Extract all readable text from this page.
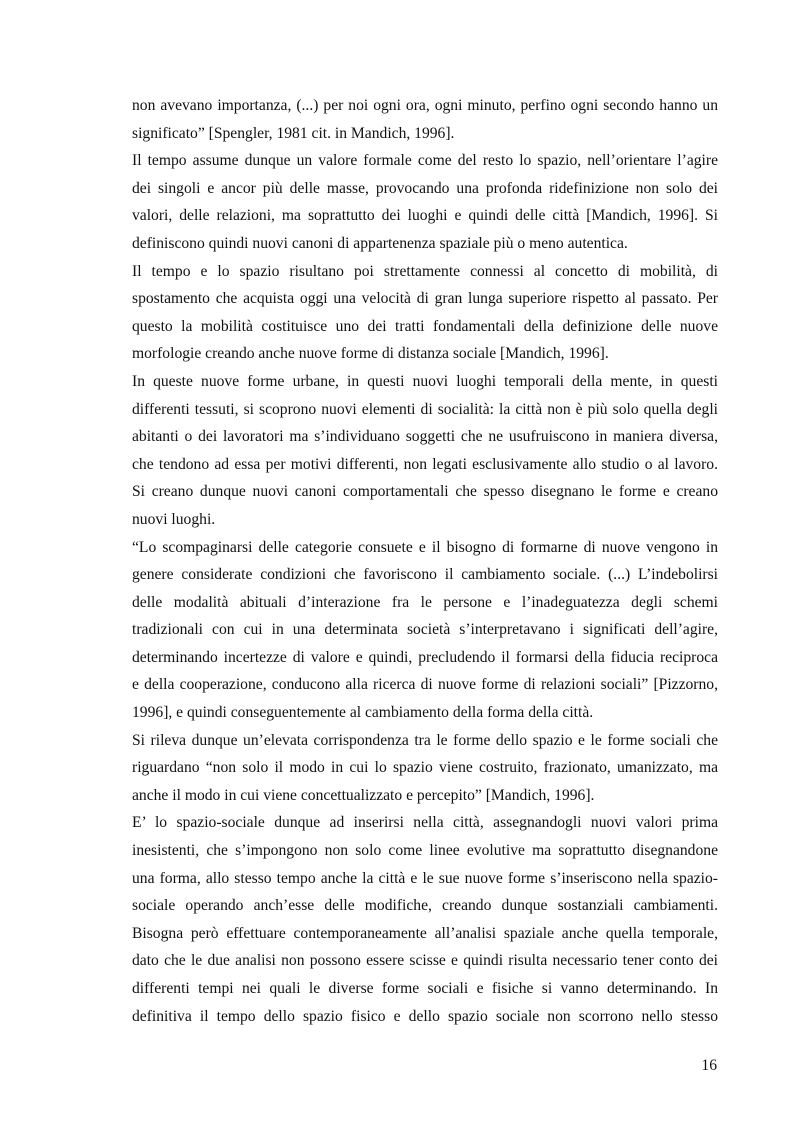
non avevano importanza, (...) per noi ogni ora, ogni minuto, perfino ogni secondo hanno un
significato” [Spengler, 1981 cit. in Mandich, 1996].
Il tempo assume dunque un valore formale come del resto lo spazio, nell’orientare l’agire
dei singoli e ancor più delle masse, provocando una profonda ridefinizione non solo dei
valori, delle relazioni, ma soprattutto dei luoghi e quindi delle città [Mandich, 1996]. Si
definiscono quindi nuovi canoni di appartenenza spaziale più o meno autentica.
Il tempo e lo spazio risultano poi strettamente connessi al concetto di mobilità, di
spostamento che acquista oggi una velocità di gran lunga superiore rispetto al passato. Per
questo la mobilità costituisce uno dei tratti fondamentali della definizione delle nuove
morfologie creando anche nuove forme di distanza sociale [Mandich, 1996].
In queste nuove forme urbane, in questi nuovi luoghi temporali della mente, in questi
differenti tessuti, si scoprono nuovi elementi di socialità: la città non è più solo quella degli
abitanti o dei lavoratori ma s’individuano soggetti che ne usufruiscono in maniera diversa,
che tendono ad essa per motivi differenti, non legati esclusivamente allo studio o al lavoro.
Si creano dunque nuovi canoni comportamentali che spesso disegnano le forme e creano
nuovi luoghi.
“Lo scompaginarsi delle categorie consuete e il bisogno di formarne di nuove vengono in
genere considerate condizioni che favoriscono il cambiamento sociale. (...) L’indebolirsi
delle modalità abituali d’interazione fra le persone e l’inadeguatezza degli schemi
tradizionali con cui in una determinata società s’interpretavano i significati dell’agire,
determinando incertezze di valore e quindi, precludendo il formarsi della fiducia reciproca
e della cooperazione, conducono alla ricerca di nuove forme di relazioni sociali” [Pizzorno,
1996], e quindi conseguentemente al cambiamento della forma della città.
Si rileva dunque un’elevata corrispondenza tra le forme dello spazio e le forme sociali che
riguardano “non solo il modo in cui lo spazio viene costruito, frazionato, umanizzato, ma
anche il modo in cui viene concettualizzato e percepito” [Mandich, 1996].
E’ lo spazio-sociale dunque ad inserirsi nella città, assegnandogli nuovi valori prima
inesistenti, che s’impongono non solo come linee evolutive ma soprattutto disegnandone
una forma, allo stesso tempo anche la città e le sue nuove forme s’inseriscono nella spazio-
sociale operando anch’esse delle modifiche, creando dunque sostanziali cambiamenti.
Bisogna però effettuare contemporaneamente all’analisi spaziale anche quella temporale,
dato che le due analisi non possono essere scisse e quindi risulta necessario tener conto dei
differenti tempi nei quali le diverse forme sociali e fisiche si vanno determinando. In
definitiva il tempo dello spazio fisico e dello spazio sociale non scorrono nello stesso
16
